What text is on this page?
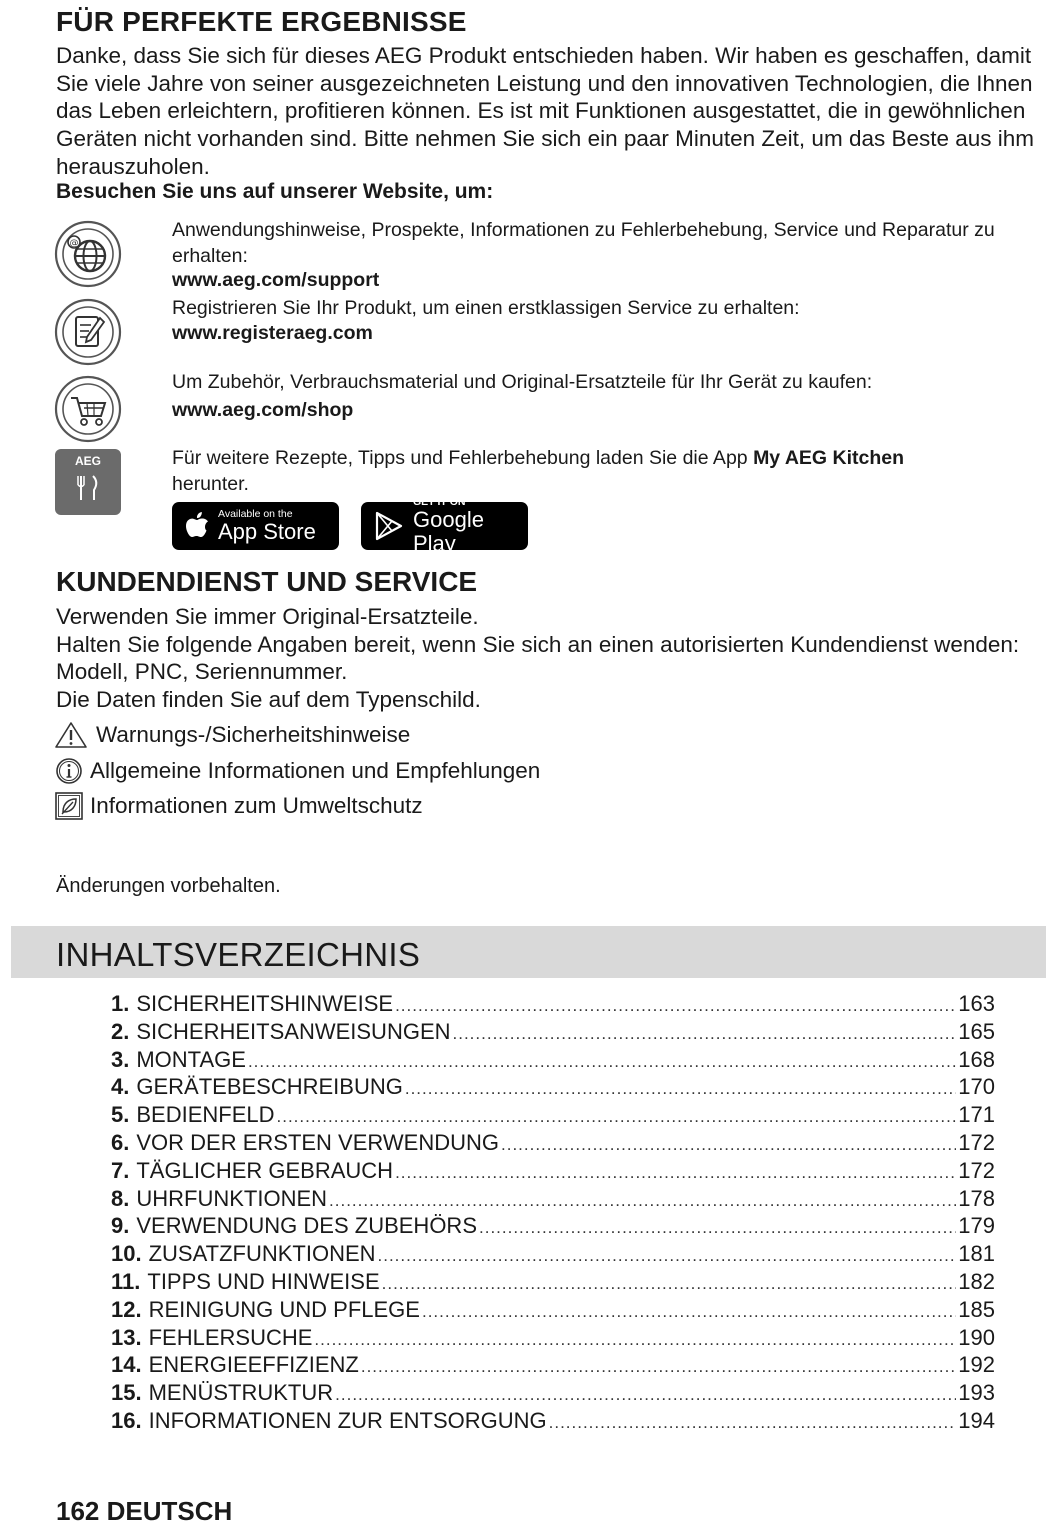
FÜR PERFEKTE ERGEBNISSE

Danke, dass Sie sich für dieses AEG Produkt entschieden haben. Wir haben es geschaffen, damit Sie viele Jahre von seiner ausgezeichneten Leistung und den innovativen Technologien, die Ihnen das Leben erleichtern, profitieren können. Es ist mit Funktionen ausgestattet, die in gewöhnlichen Geräten nicht vorhanden sind. Bitte nehmen Sie sich ein paar Minuten Zeit, um das Beste aus ihm herauszuholen.

Besuchen Sie uns auf unserer Website, um:

@

Anwendungshinweise, Prospekte, Informationen zu Fehlerbehebung, Service und Reparatur zu erhalten:

www.aeg.com/support

Registrieren Sie Ihr Produkt, um einen erstklassigen Service zu erhalten:

www.registeraeg.com

Um Zubehör, Verbrauchsmaterial und Original-Ersatzteile für Ihr Gerät zu kaufen:

www.aeg.com/shop

AEG	Für weitere Rezepte, Tipps und Fehlerbehebung laden Sie die App My AEG Kitchen
herunter.

Available on the
App Store
GET IT ON
Google Play
KUNDENDIENST UND SERVICE
Verwenden Sie immer Original-Ersatzteile.
Halten Sie folgende Angaben bereit, wenn Sie sich an einen autorisierten Kundendienst wenden: Modell, PNC, Seriennummer.
Die Daten finden Sie auf dem Typenschild.
Warnungs-/Sicherheitshinweise
Allgemeine Informationen und Empfehlungen
Informationen zum Umweltschutz

Änderungen vorbehalten.

INHALTSVERZEICHNIS
1. SICHERHEITSHINWEISE .....	163
2. SICHERHEITSANWEISUNGEN .....	165
3. MONTAGE .....	168
4. GERÄTEBESCHREIBUNG .....	170
5. BEDIENFELD .....	171
6. VOR DER ERSTEN VERWENDUNG .....	172
7. TÄGLICHER GEBRAUCH .....	172
8. UHRFUNKTIONEN .....	178
9. VERWENDUNG DES ZUBEHÖRS .....	179
10. ZUSATZFUNKTIONEN .....	181
11. TIPPS UND HINWEISE .....	182
12. REINIGUNG UND PFLEGE .....	185
13. FEHLERSUCHE .....	190
14. ENERGIEEFFIZIENZ .....	192
15. MENÜSTRUKTUR .....	193
16. INFORMATIONEN ZUR ENTSORGUNG .....	194

162 DEUTSCH
